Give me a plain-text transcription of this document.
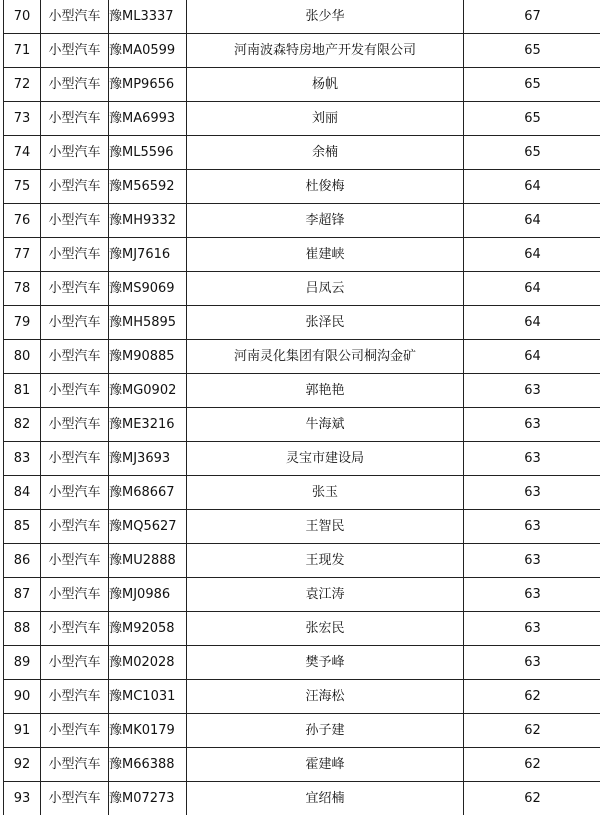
70	小型汽车	豫ML3337	张少华	67
71	小型汽车	豫MA0599	河南波森特房地产开发有限公司	65
72	小型汽车	豫MP9656	杨帆	65
73	小型汽车	豫MA6993	刘丽	65
74	小型汽车	豫ML5596	余楠	65
75	小型汽车	豫M56592	杜俊梅	64
76	小型汽车	豫MH9332	李超锋	64
77	小型汽车	豫MJ7616	崔建峡	64
78	小型汽车	豫MS9069	吕凤云	64
79	小型汽车	豫MH5895	张泽民	64
80	小型汽车	豫M90885	河南灵化集团有限公司桐沟金矿	64
81	小型汽车	豫MG0902	郭艳艳	63
82	小型汽车	豫ME3216	牛海斌	63
83	小型汽车	豫MJ3693	灵宝市建设局	63
84	小型汽车	豫M68667	张玉	63
85	小型汽车	豫MQ5627	王智民	63
86	小型汽车	豫MU2888	王现发	63
87	小型汽车	豫MJ0986	袁江涛	63
88	小型汽车	豫M92058	张宏民	63
89	小型汽车	豫M02028	樊予峰	63
90	小型汽车	豫MC1031	汪海松	62
91	小型汽车	豫MK0179	孙子建	62
92	小型汽车	豫M66388	霍建峰	62
93	小型汽车	豫M07273	宜绍楠	62
